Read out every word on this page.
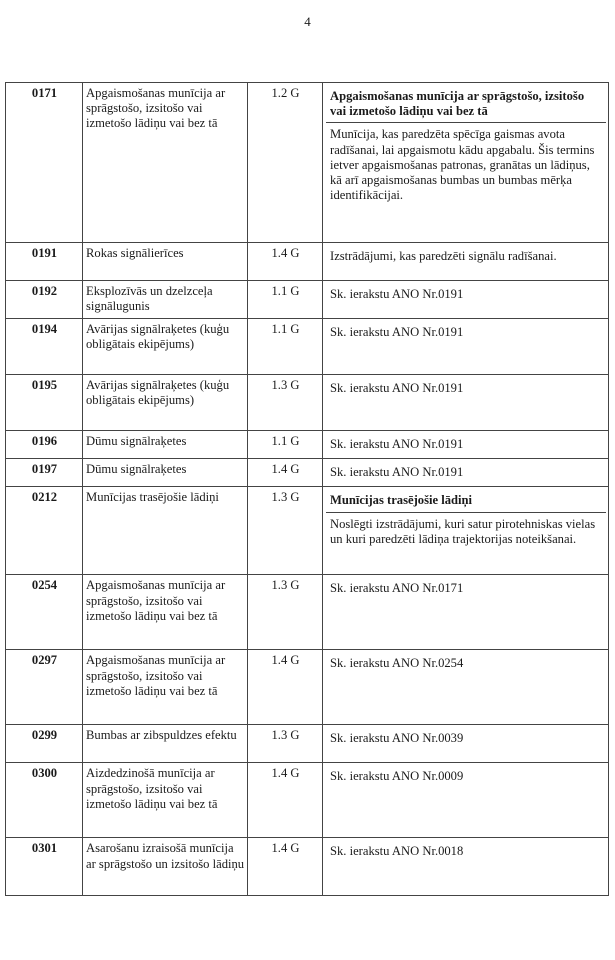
4
0171	Apgaismošanas munīcija ar sprāgstošo, izsitošo vai izmetošo lādiņu vai bez tā	1.2 G	Apgaismošanas munīcija ar sprāgstošo, izsitošo vai izmetošo lādiņu vai bez tā
Munīcija, kas paredzēta spēcīga gaismas avota radīšanai, lai apgaismotu kādu apgabalu. Šis termins ietver apgaismošanas patronas, granātas un lādiņus, kā arī apgaismošanas bumbas un bumbas mērķa identifikācijai.

0191	Rokas signālierīces	1.4 G	Izstrādājumi, kas paredzēti signālu radīšanai.

0192	Eksplozīvās un dzelzceļa signālugunis	1.1 G	Sk. ierakstu ANO Nr.0191

0194	Avārijas signālraķetes (kuģu obligātais ekipējums)	1.1 G	Sk. ierakstu ANO Nr.0191

0195	Avārijas signālraķetes (kuģu obligātais ekipējums)	1.3 G	Sk. ierakstu ANO Nr.0191

0196	Dūmu signālraķetes	1.1 G	Sk. ierakstu ANO Nr.0191

0197	Dūmu signālraķetes	1.4 G	Sk. ierakstu ANO Nr.0191

0212	Munīcijas trasējošie lādiņi	1.3 G	Munīcijas trasējošie lādiņi
Noslēgti izstrādājumi, kuri satur pirotehniskas vielas un kuri paredzēti lādiņa trajektorijas noteikšanai.

0254	Apgaismošanas munīcija ar sprāgstošo, izsitošo vai izmetošo lādiņu vai bez tā	1.3 G	Sk. ierakstu ANO Nr.0171

0297	Apgaismošanas munīcija ar sprāgstošo, izsitošo vai izmetošo lādiņu vai bez tā	1.4 G	Sk. ierakstu ANO Nr.0254

0299	Bumbas ar zibspuldzes efektu	1.3 G	Sk. ierakstu ANO Nr.0039

0300	Aizdedzinošā munīcija ar sprāgstošo, izsitošo vai izmetošo lādiņu vai bez tā	1.4 G	Sk. ierakstu ANO Nr.0009

0301	Asarošanu izraisošā munīcija ar sprāgstošo un izsitošo lādiņu	1.4 G	Sk. ierakstu ANO Nr.0018
